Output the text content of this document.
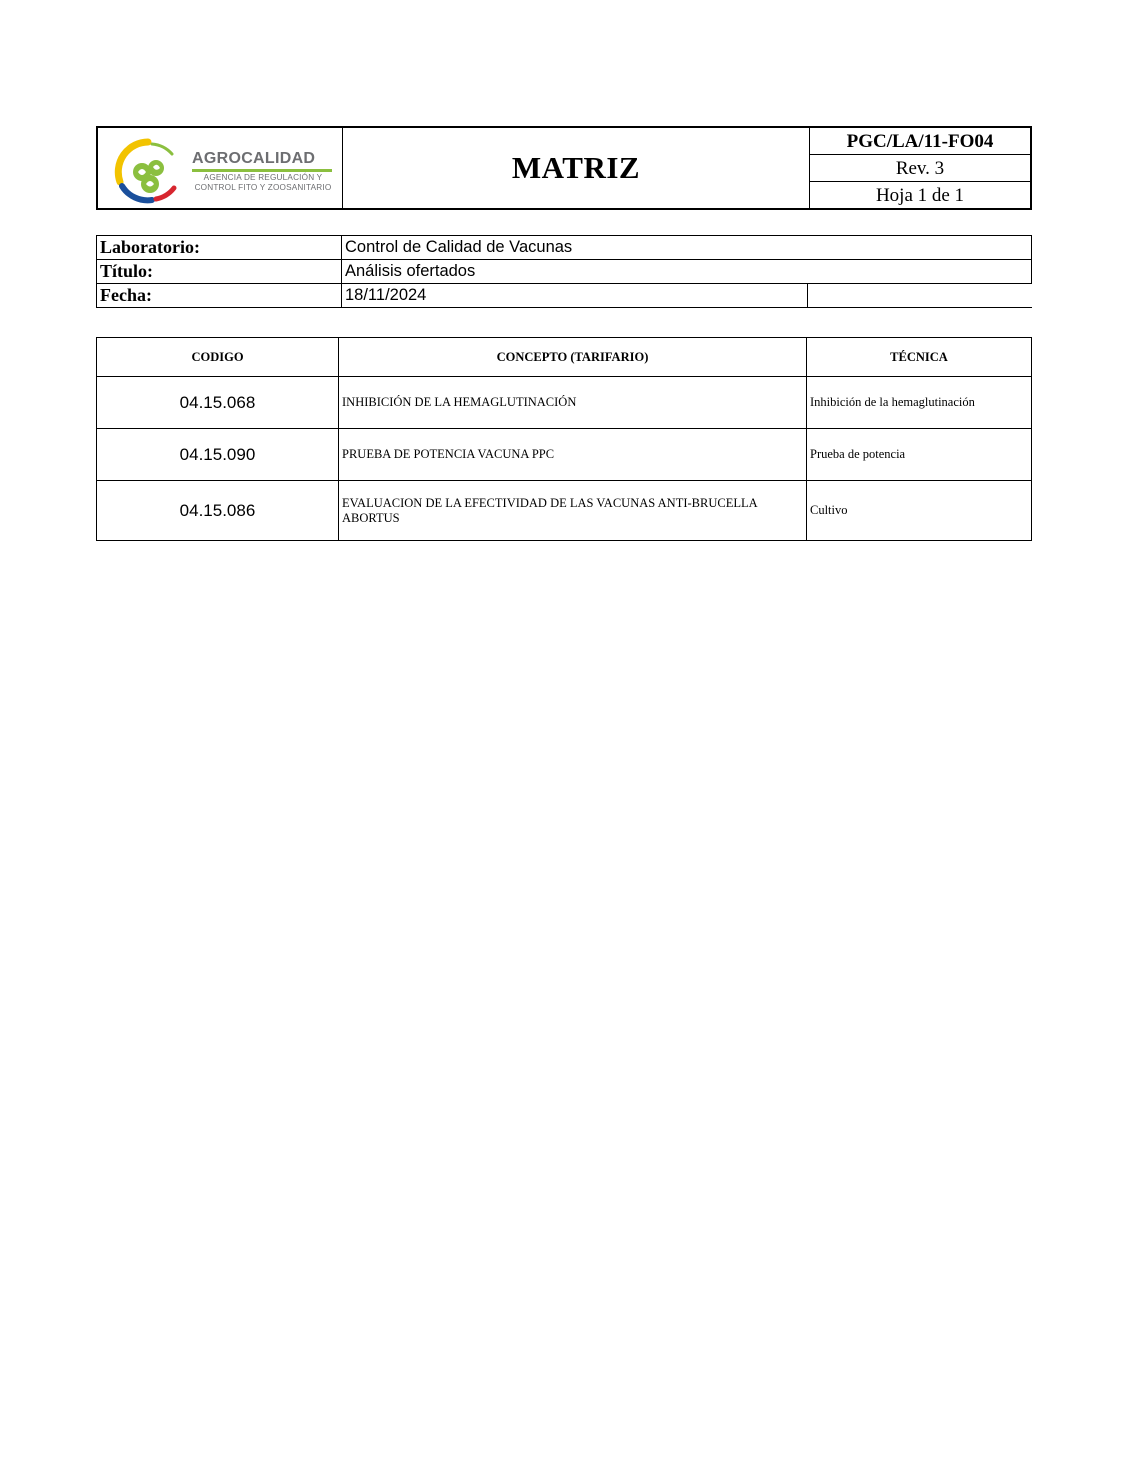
AGROCALIDAD
AGENCIA DE REGULACIÓN Y
CONTROL FITO Y ZOOSANITARIO
MATRIZ
PGC/LA/11-FO04
Rev. 3
Hoja 1 de 1
Laboratorio:	Control de Calidad de Vacunas	
Título:	Análisis ofertados	
Fecha:	18/11/2024	
CODIGO	CONCEPTO (TARIFARIO)	TÉCNICA
04.15.068	INHIBICIÓN DE LA HEMAGLUTINACIÓN	Inhibición de la hemaglutinación
04.15.090	PRUEBA DE POTENCIA VACUNA PPC	Prueba de potencia
04.15.086	EVALUACION DE LA EFECTIVIDAD DE LAS VACUNAS ANTI-BRUCELLA ABORTUS	Cultivo
